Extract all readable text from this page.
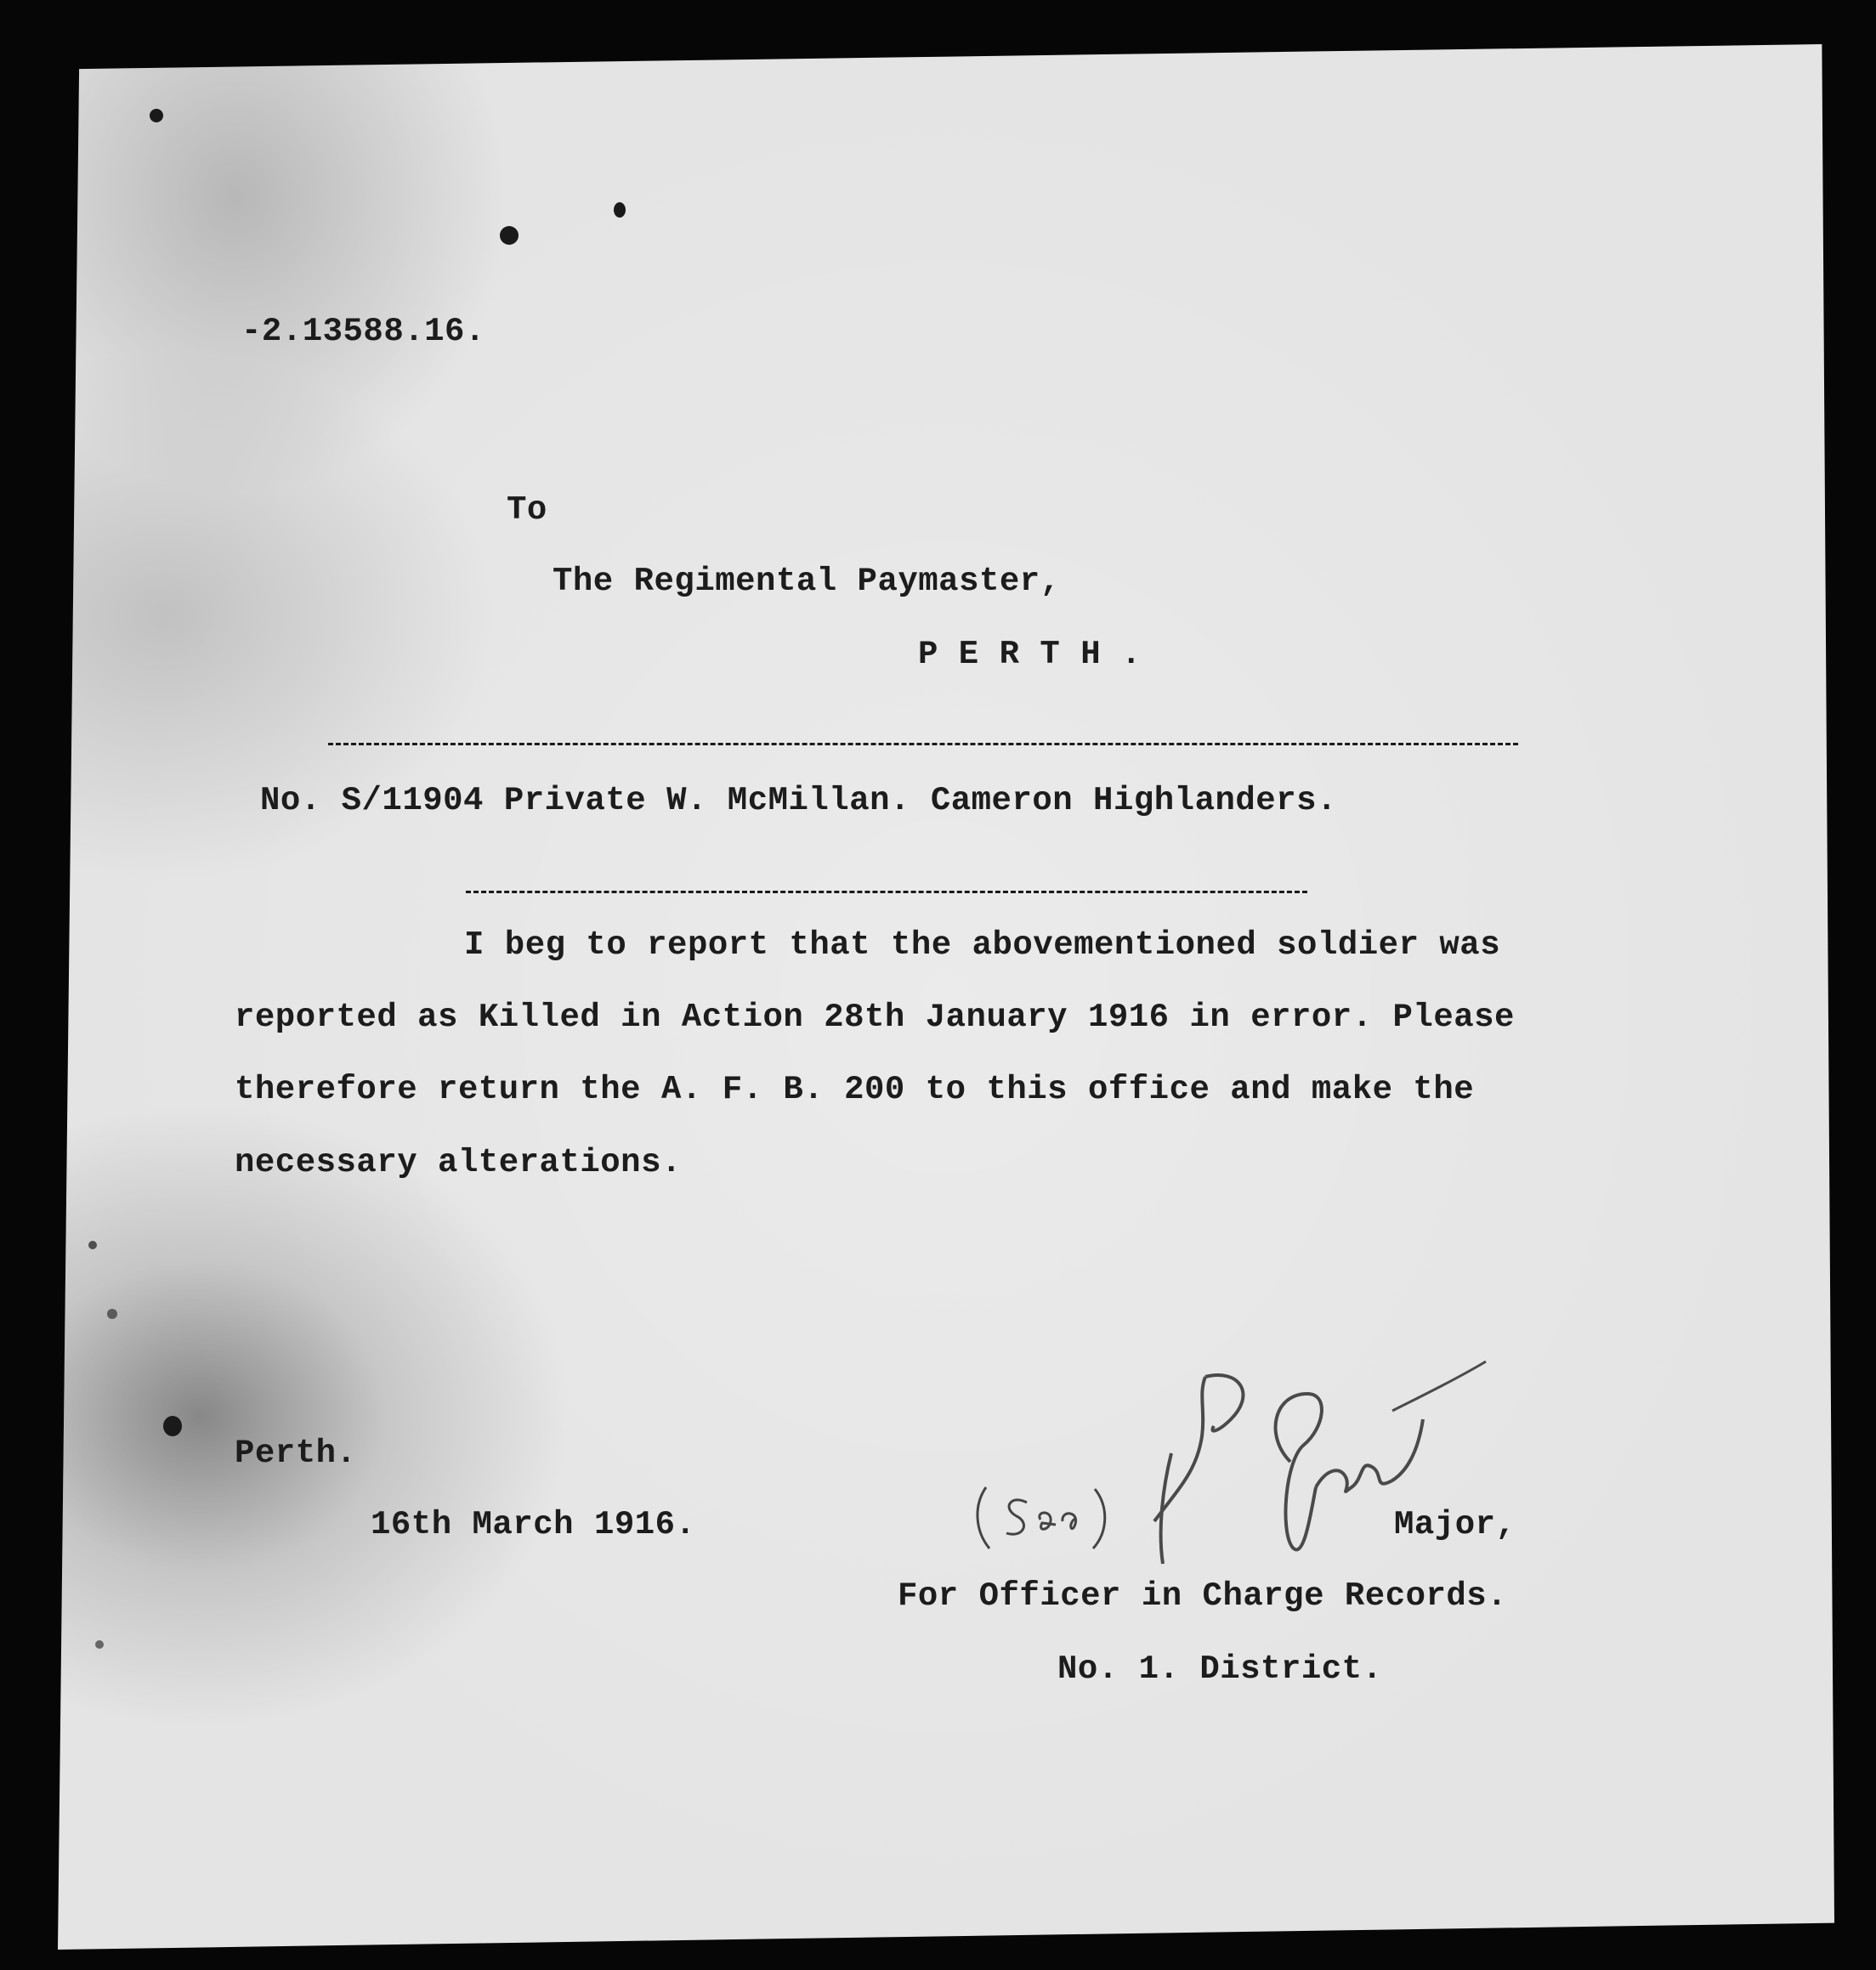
-2.13588.16.
To
The Regimental Paymaster,
P E R T H .
No. S/11904 Private W. McMillan. Cameron Highlanders.
I beg to report that the abovementioned soldier was
reported as Killed in Action 28th January 1916 in error. Please
therefore return the A. F. B. 200 to this office and make the
necessary alterations.
Perth.
16th March 1916.	Major,
For Officer in Charge Records.
No. 1. District.
